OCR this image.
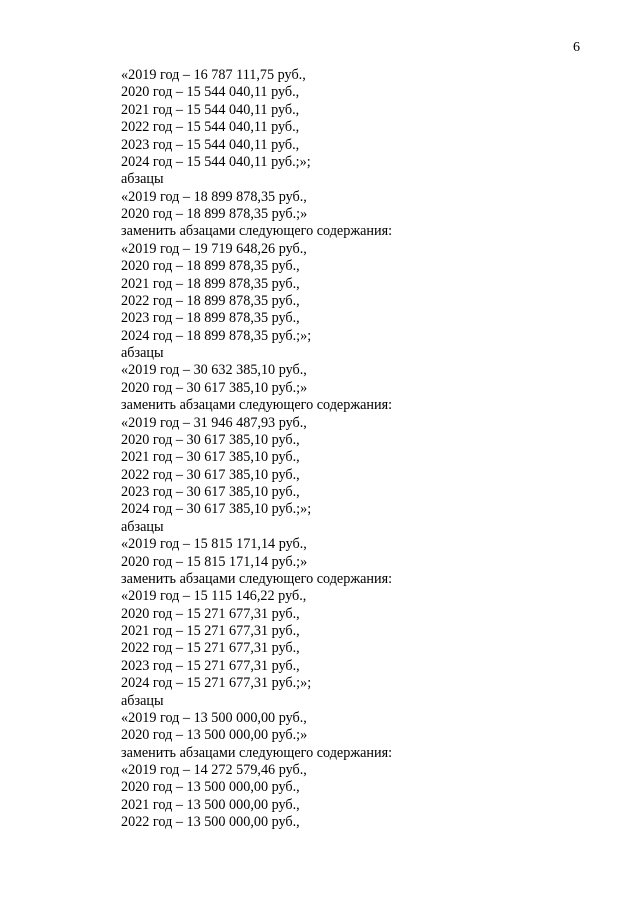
6
«2019 год – 16 787 111,75 руб.,
2020 год – 15 544 040,11 руб.,
2021 год – 15 544 040,11 руб.,
2022 год – 15 544 040,11 руб.,
2023 год – 15 544 040,11 руб.,
2024 год – 15 544 040,11 руб.;»;
абзацы
«2019 год – 18 899 878,35 руб.,
2020 год – 18 899 878,35 руб.;»
заменить абзацами следующего содержания:
«2019 год – 19 719 648,26 руб.,
2020 год – 18 899 878,35 руб.,
2021 год – 18 899 878,35 руб.,
2022 год – 18 899 878,35 руб.,
2023 год – 18 899 878,35 руб.,
2024 год – 18 899 878,35 руб.;»;
абзацы
«2019 год – 30 632 385,10 руб.,
2020 год – 30 617 385,10 руб.;»
заменить абзацами следующего содержания:
«2019 год – 31 946 487,93 руб.,
2020 год – 30 617 385,10 руб.,
2021 год – 30 617 385,10 руб.,
2022 год – 30 617 385,10 руб.,
2023 год – 30 617 385,10 руб.,
2024 год – 30 617 385,10 руб.;»;
абзацы
«2019 год – 15 815 171,14 руб.,
2020 год – 15 815 171,14 руб.;»
заменить абзацами следующего содержания:
«2019 год – 15 115 146,22 руб.,
2020 год – 15 271 677,31 руб.,
2021 год – 15 271 677,31 руб.,
2022 год – 15 271 677,31 руб.,
2023 год – 15 271 677,31 руб.,
2024 год – 15 271 677,31 руб.;»;
абзацы
«2019 год – 13 500 000,00 руб.,
2020 год – 13 500 000,00 руб.;»
заменить абзацами следующего содержания:
«2019 год – 14 272 579,46 руб.,
2020 год – 13 500 000,00 руб.,
2021 год – 13 500 000,00 руб.,
2022 год – 13 500 000,00 руб.,
